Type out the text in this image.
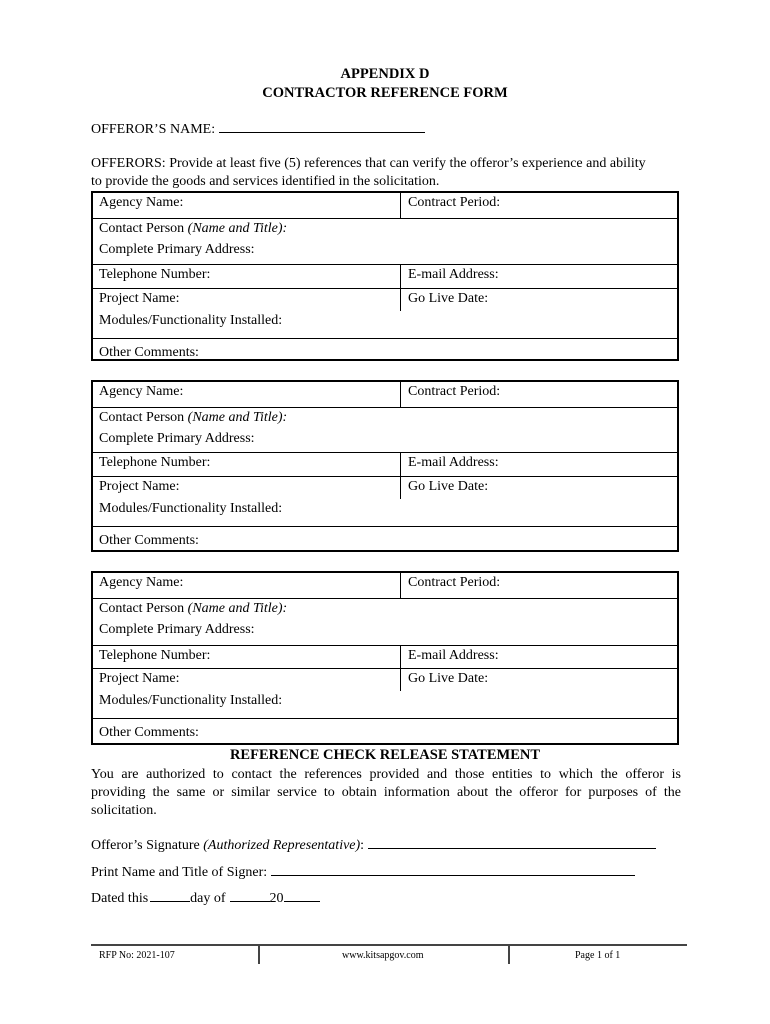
APPENDIX D
CONTRACTOR REFERENCE FORM
OFFEROR’S NAME:
OFFERORS: Provide at least five (5) references that can verify the offeror’s experience and ability
to provide the goods and services identified in the solicitation.
Agency Name:	Contract Period:
Contact Person (Name and Title):
Complete Primary Address:
Telephone Number:	E-mail Address:
Project Name:	Go Live Date:
Modules/Functionality Installed:
Other Comments:
Agency Name:	Contract Period:
Contact Person (Name and Title):
Complete Primary Address:
Telephone Number:	E-mail Address:
Project Name:	Go Live Date:
Modules/Functionality Installed:
Other Comments:
Agency Name:	Contract Period:
Contact Person (Name and Title):
Complete Primary Address:
Telephone Number:	E-mail Address:
Project Name:	Go Live Date:
Modules/Functionality Installed:
Other Comments:
REFERENCE CHECK RELEASE STATEMENT
You are authorized to contact the references provided and those entities to which the offeror is
providing the same or similar service to obtain information about the offeror for purposes of the
solicitation.
Offeror’s Signature (Authorized Representative):
Print Name and Title of Signer:
Dated this	day of	20
RFP No: 2021-107	www.kitsapgov.com	Page 1 of 1
